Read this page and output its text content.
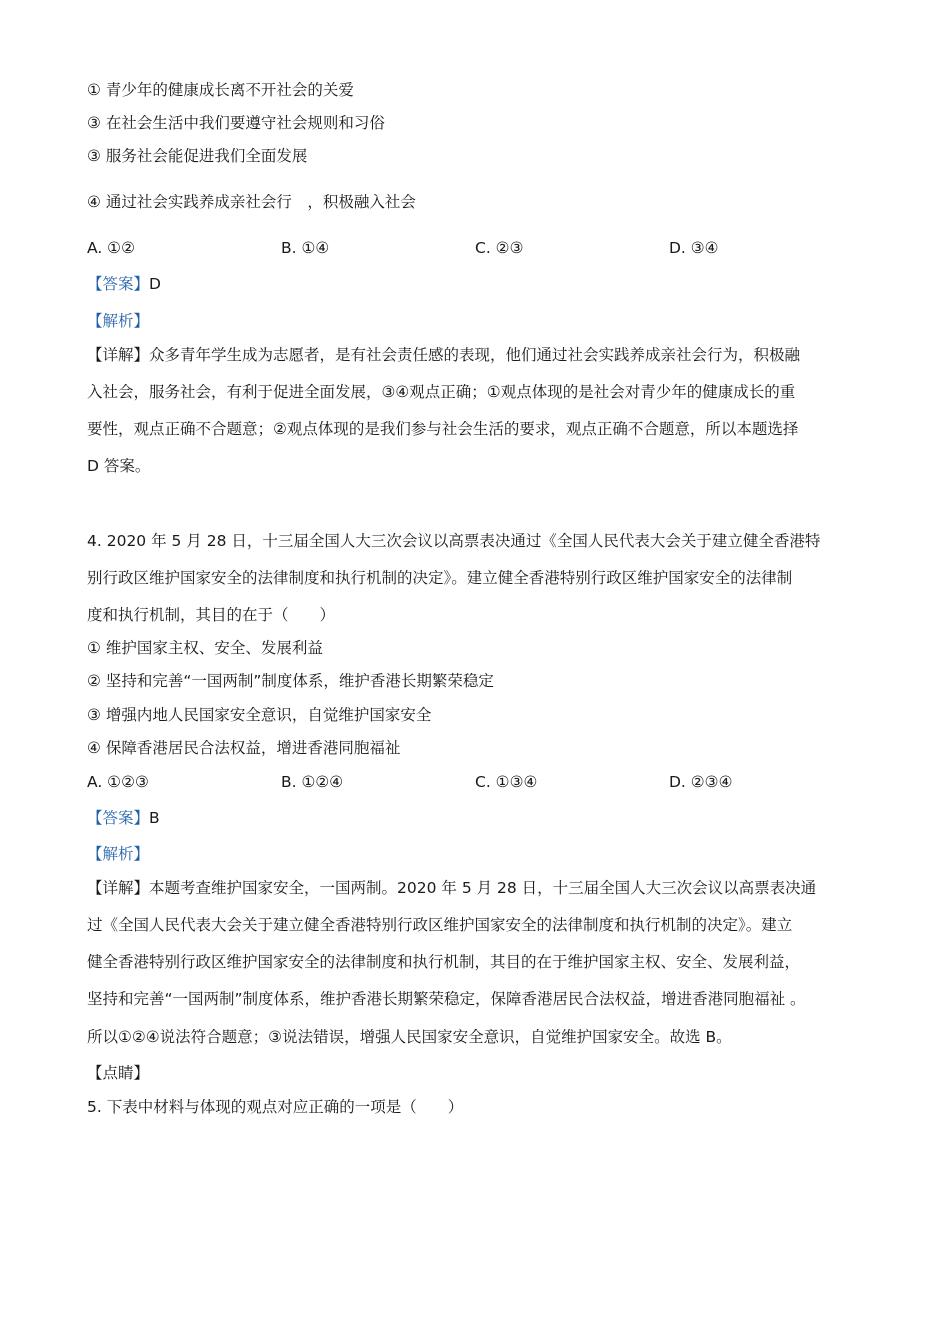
① 青少年的健康成长离不开社会的关爱
③ 在社会生活中我们要遵守社会规则和习俗
③ 服务社会能促进我们全面发展
④ 通过社会实践养成亲社会行　，积极融入社会
A. ①②	B. ①④	C. ②③	D. ③④
【答案】D
【解析】
【详解】众多青年学生成为志愿者，是有社会责任感的表现，他们通过社会实践养成亲社会行为，积极融
入社会，服务社会，有利于促进全面发展，③④观点正确；①观点体现的是社会对青少年的健康成长的重
要性，观点正确不合题意；②观点体现的是我们参与社会生活的要求，观点正确不合题意，所以本题选择
D 答案。
4. 2020 年 5 月 28 日，十三届全国人大三次会议以高票表决通过《全国人民代表大会关于建立健全香港特
别行政区维护国家安全的法律制度和执行机制的决定》。建立健全香港特别行政区维护国家安全的法律制
度和执行机制，其目的在于（　　）
① 维护国家主权、安全、发展利益
② 坚持和完善“一国两制”制度体系，维护香港长期繁荣稳定
③ 增强内地人民国家安全意识，自觉维护国家安全
④ 保障香港居民合法权益，增进香港同胞福祉
A. ①②③	B. ①②④	C. ①③④	D. ②③④
【答案】B
【解析】
【详解】本题考查维护国家安全，一国两制。2020 年 5 月 28 日，十三届全国人大三次会议以高票表决通
过《全国人民代表大会关于建立健全香港特别行政区维护国家安全的法律制度和执行机制的决定》。建立
健全香港特别行政区维护国家安全的法律制度和执行机制，其目的在于维护国家主权、安全、发展利益，
坚持和完善“一国两制”制度体系，维护香港长期繁荣稳定，保障香港居民合法权益，增进香港同胞福祉 。
所以①②④说法符合题意；③说法错误，增强人民国家安全意识，自觉维护国家安全。故选 B。
【点睛】
5. 下表中材料与体现的观点对应正确的一项是（　　）
